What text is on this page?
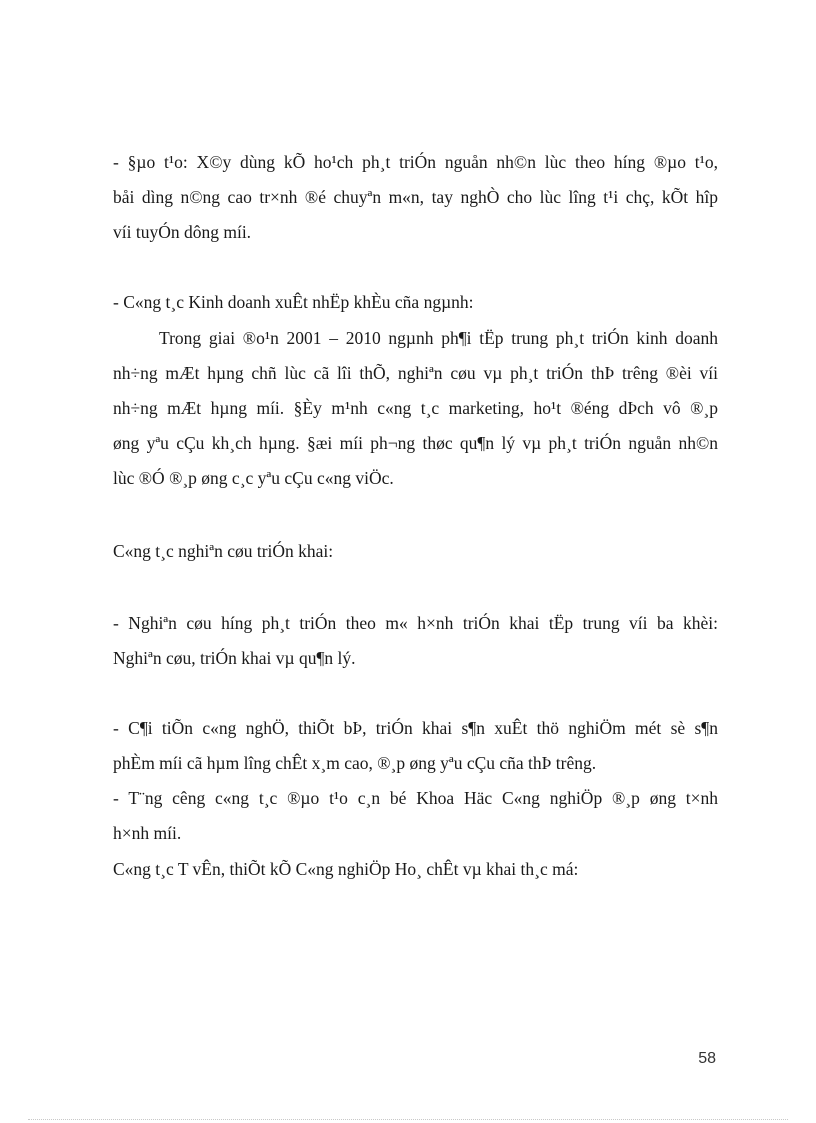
- §µo t¹o: X©y dùng kÕ ho¹ch ph¸t triÓn nguån nh©n lùc theo híng ®µo t¹o,
båi dìng n©ng cao tr×nh ®é chuyªn m«n, tay nghÒ cho lùc lîng t¹i chç, kÕt hîp
víi tuyÓn dông míi.
- C«ng t¸c Kinh doanh xuÊt nhËp khÈu cña ngµnh:
Trong giai ®o¹n 2001 – 2010 ngµnh ph¶i tËp trung ph¸t triÓn kinh doanh
nh÷ng mÆt hµng chñ lùc cã lîi thÕ, nghiªn cøu vµ ph¸t triÓn thÞ trêng ®èi víi
nh÷ng mÆt hµng míi. §Èy m¹nh c«ng t¸c marketing, ho¹t ®éng dÞch vô ®¸p
øng yªu cÇu kh¸ch hµng. §æi míi ph¬ng thøc qu¶n lý vµ ph¸t triÓn nguån nh©n
lùc ®Ó ®¸p øng c¸c yªu cÇu c«ng viÖc.
C«ng t¸c nghiªn cøu triÓn khai:
- Nghiªn cøu híng ph¸t triÓn theo m« h×nh triÓn khai tËp trung víi ba khèi:
Nghiªn cøu, triÓn khai vµ qu¶n lý.
- C¶i tiÕn c«ng nghÖ, thiÕt bÞ, triÓn khai s¶n xuÊt thö nghiÖm mét sè s¶n
phÈm míi cã hµm lîng chÊt x¸m cao, ®¸p øng yªu cÇu cña thÞ trêng.
- T¨ng cêng c«ng t¸c ®µo t¹o c¸n bé Khoa Häc C«ng nghiÖp ®¸p øng t×nh
h×nh míi.
C«ng t¸c T vÊn, thiÕt kÕ C«ng nghiÖp Ho¸ chÊt vµ khai th¸c má:
58
